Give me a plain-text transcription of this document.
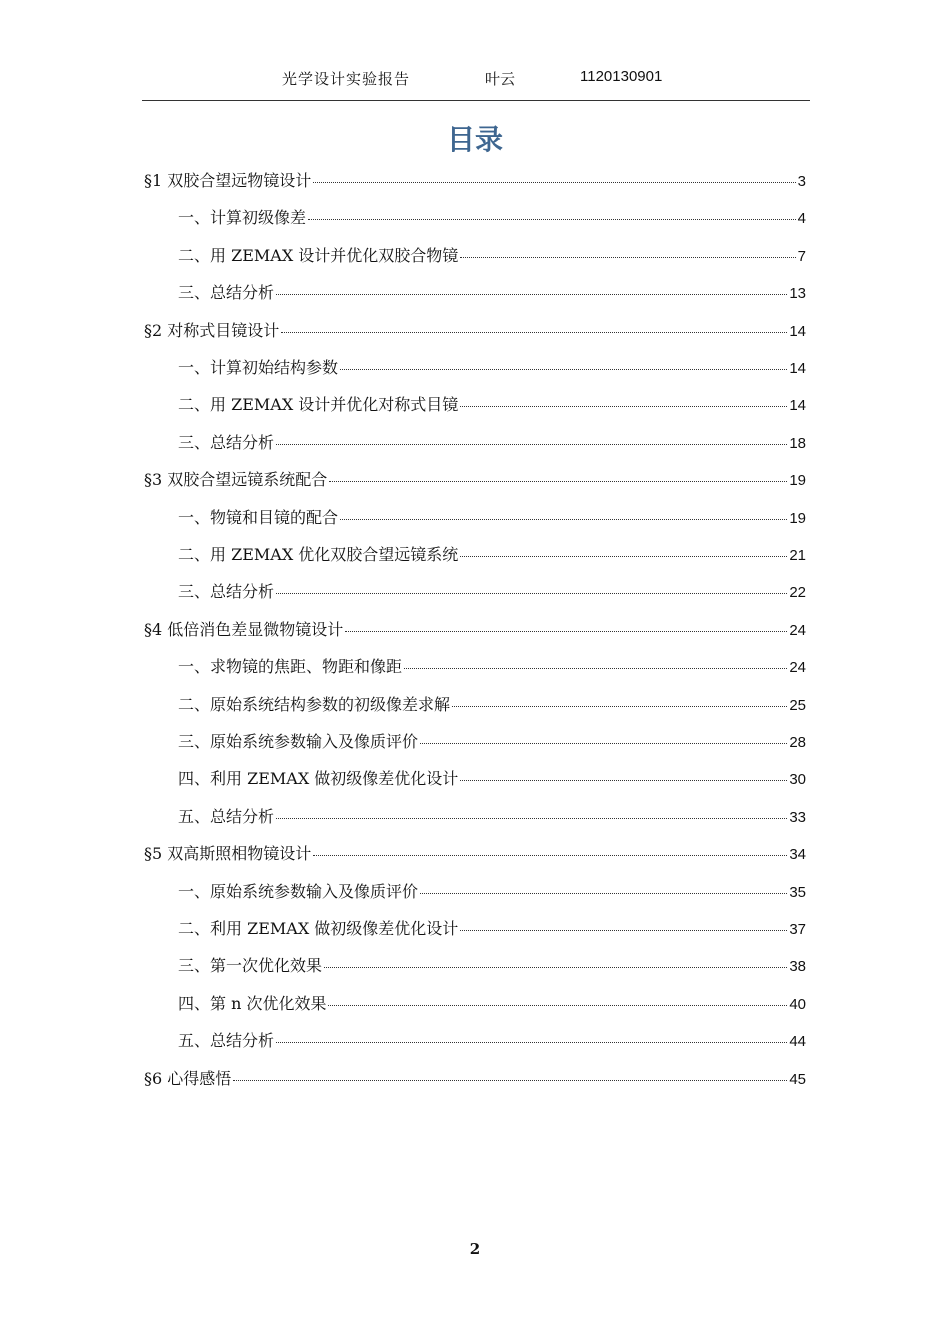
光学设计实验报告	叶云	1120130901
目录
§1 双胶合望远物镜设计	3
一、计算初级像差	4
二、用 ZEMAX 设计并优化双胶合物镜	7
三、总结分析	13
§2 对称式目镜设计	14
一、计算初始结构参数	14
二、用 ZEMAX 设计并优化对称式目镜	14
三、总结分析	18
§3 双胶合望远镜系统配合	19
一、物镜和目镜的配合	19
二、用 ZEMAX 优化双胶合望远镜系统	21
三、总结分析	22
§4 低倍消色差显微物镜设计	24
一、求物镜的焦距、物距和像距	24
二、原始系统结构参数的初级像差求解	25
三、原始系统参数输入及像质评价	28
四、利用 ZEMAX 做初级像差优化设计	30
五、总结分析	33
§5 双高斯照相物镜设计	34
一、原始系统参数输入及像质评价	35
二、利用 ZEMAX 做初级像差优化设计	37
三、第一次优化效果	38
四、第 n 次优化效果	40
五、总结分析	44
§6 心得感悟	45
2
